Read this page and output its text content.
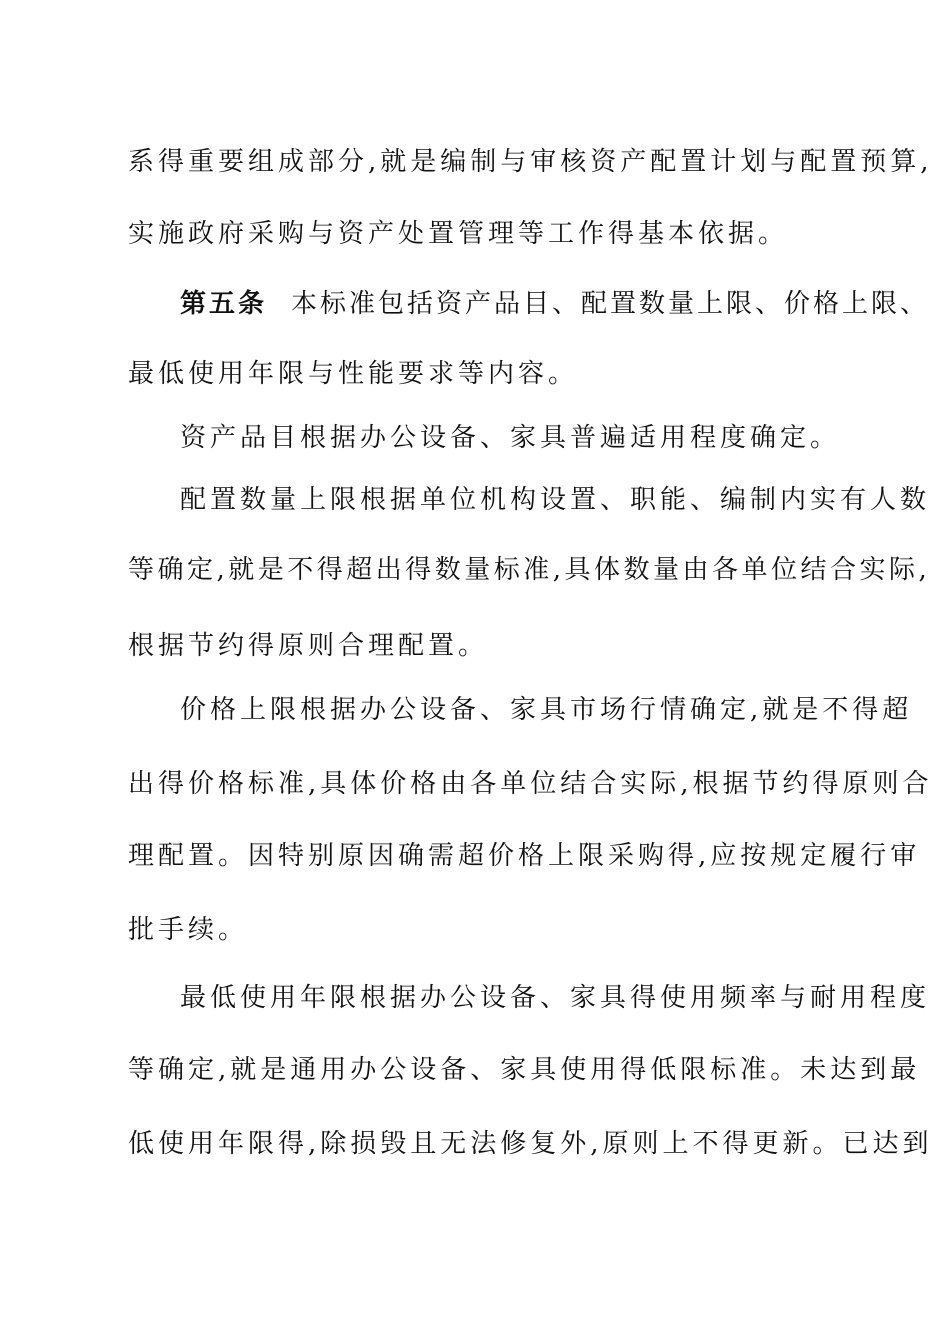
系得重要组成部分,就是编制与审核资产配置计划与配置预算,
实施政府采购与资产处置管理等工作得基本依据。
第五条 本标准包括资产品目、配置数量上限、价格上限、
最低使用年限与性能要求等内容。
资产品目根据办公设备、家具普遍适用程度确定。
配置数量上限根据单位机构设置、职能、编制内实有人数
等确定,就是不得超出得数量标准,具体数量由各单位结合实际,
根据节约得原则合理配置。
价格上限根据办公设备、家具市场行情确定,就是不得超
出得价格标准,具体价格由各单位结合实际,根据节约得原则合
理配置。因特别原因确需超价格上限采购得,应按规定履行审
批手续。
最低使用年限根据办公设备、家具得使用频率与耐用程度
等确定,就是通用办公设备、家具使用得低限标准。未达到最
低使用年限得,除损毁且无法修复外,原则上不得更新。已达到
